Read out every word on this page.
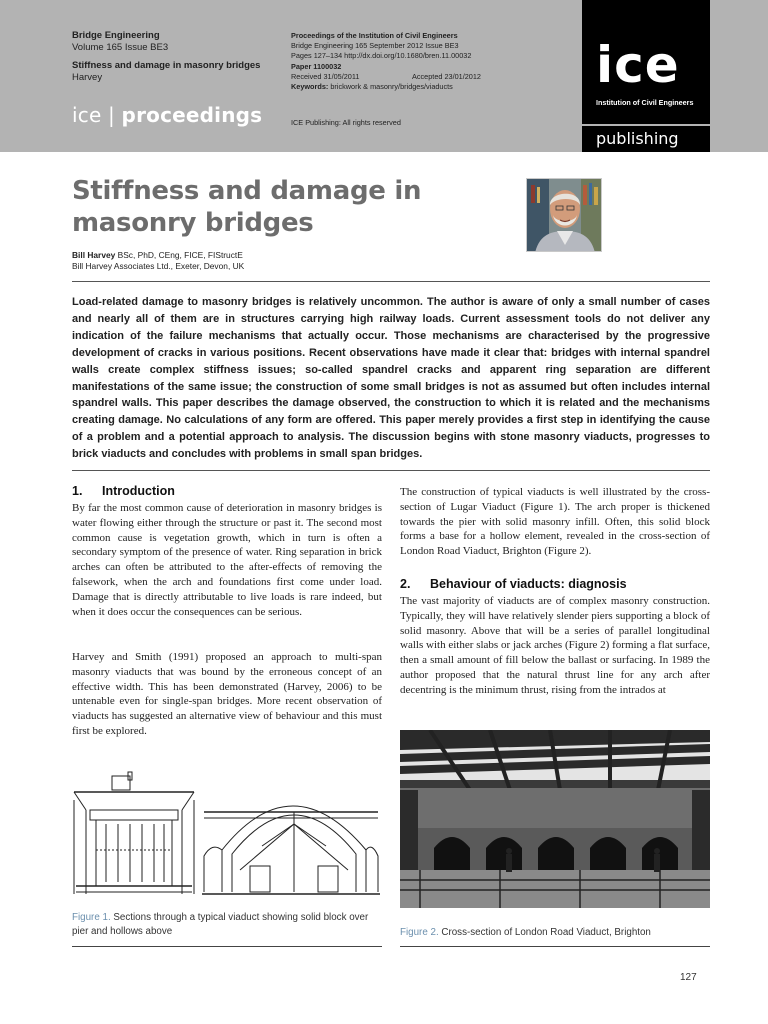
Bridge Engineering
Volume 165 Issue BE3
Stiffness and damage in masonry bridges
Harvey
ice | proceedings
Proceedings of the Institution of Civil Engineers
Bridge Engineering 165 September 2012 Issue BE3
Pages 127–134 http://dx.doi.org/10.1680/bren.11.00032
Paper 1100032
Received 31/05/2011	Accepted 23/01/2012
Keywords: brickwork & masonry/bridges/viaducts
ICE Publishing: All rights reserved
ice
Institution of Civil Engineers
publishing
Stiffness and damage in
masonry bridges
Bill Harvey BSc, PhD, CEng, FICE, FIStructE
Bill Harvey Associates Ltd., Exeter, Devon, UK
Load-related damage to masonry bridges is relatively uncommon. The author is aware of only a small number of cases and nearly all of them are in structures carrying high railway loads. Current assessment tools do not deliver any indication of the failure mechanisms that actually occur. Those mechanisms are characterised by the progressive development of cracks in various positions. Recent observations have made it clear that: bridges with internal spandrel walls create complex stiffness issues; so-called spandrel cracks and apparent ring separation are different manifestations of the same issue; the construction of some small bridges is not as assumed but often includes internal spandrel walls. This paper describes the damage observed, the construction to which it is related and the mechanisms creating damage. No calculations of any form are offered. This paper merely provides a first step in identifying the cause of a problem and a potential approach to analysis. The discussion begins with stone masonry viaducts, progresses to brick viaducts and concludes with problems in small span bridges.
1. Introduction
By far the most common cause of deterioration in masonry bridges is water flowing either through the structure or past it. The second most common cause is vegetation growth, which in turn is often a secondary symptom of the presence of water. Ring separation in brick arches can often be attributed to the after-effects of removing the falsework, when the arch and foundations first come under load. Damage that is directly attributable to live loads is rare indeed, but when it does occur the consequences can be serious.
Harvey and Smith (1991) proposed an approach to multi-span masonry viaducts that was bound by the erroneous concept of an effective width. This has been demonstrated (Harvey, 2006) to be untenable even for single-span bridges. More recent observation of viaducts has suggested an alternative view of behaviour and this must first be explored.
The construction of typical viaducts is well illustrated by the cross-section of Lugar Viaduct (Figure 1). The arch proper is thickened towards the pier with solid masonry infill. Often, this solid block forms a base for a hollow element, revealed in the cross-section of London Road Viaduct, Brighton (Figure 2).
2. Behaviour of viaducts: diagnosis
The vast majority of viaducts are of complex masonry construction. Typically, they will have relatively slender piers supporting a block of solid masonry. Above that will be a series of parallel longitudinal walls with either slabs or jack arches (Figure 2) forming a flat surface, then a small amount of fill below the ballast or surfacing. In 1989 the author proposed that the natural thrust line for any arch after decentring is the minimum thrust, rising from the intrados at
Figure 1. Sections through a typical viaduct showing solid block over pier and hollows above	Figure 2. Cross-section of London Road Viaduct, Brighton
127
